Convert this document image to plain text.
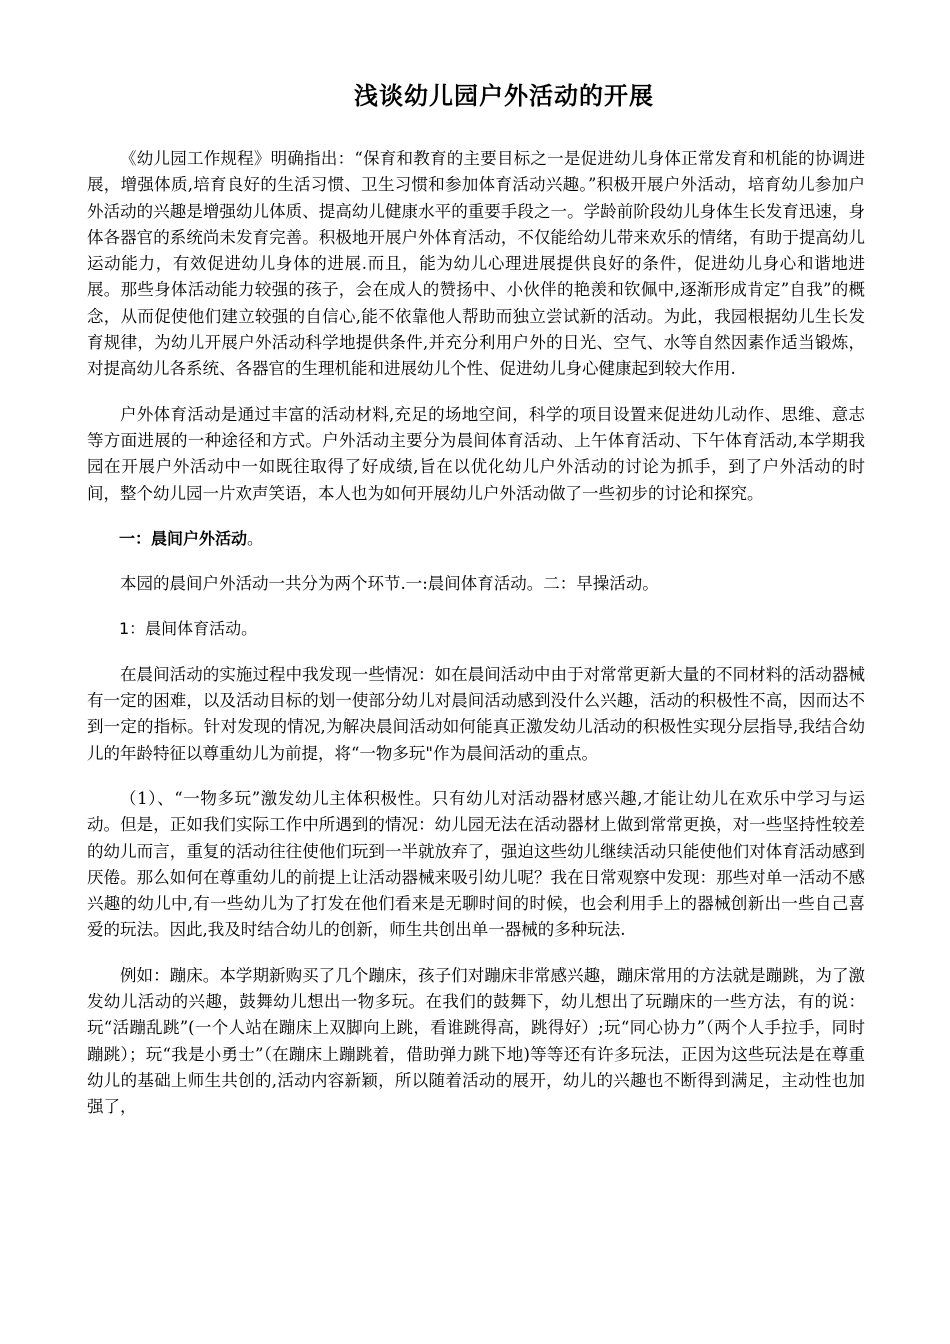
浅谈幼儿园户外活动的开展

《幼儿园工作规程》明确指出：“保育和教育的主要目标之一是促进幼儿身体正常发育和机能的协调进展，增强体质,培育良好的生活习惯、卫生习惯和参加体育活动兴趣。”积极开展户外活动，培育幼儿参加户外活动的兴趣是增强幼儿体质、提高幼儿健康水平的重要手段之一。学龄前阶段幼儿身体生长发育迅速，身体各器官的系统尚未发育完善。积极地开展户外体育活动，不仅能给幼儿带来欢乐的情绪，有助于提高幼儿运动能力，有效促进幼儿身体的进展.而且，能为幼儿心理进展提供良好的条件，促进幼儿身心和谐地进展。那些身体活动能力较强的孩子，会在成人的赞扬中、小伙伴的艳羡和钦佩中,逐渐形成肯定”自我”的概念，从而促使他们建立较强的自信心,能不依靠他人帮助而独立尝试新的活动。为此，我园根据幼儿生长发育规律，为幼儿开展户外活动科学地提供条件,并充分利用户外的日光、空气、水等自然因素作适当锻炼，对提高幼儿各系统、各器官的生理机能和进展幼儿个性、促进幼儿身心健康起到较大作用.

户外体育活动是通过丰富的活动材料,充足的场地空间，科学的项目设置来促进幼儿动作、思维、意志等方面进展的一种途径和方式。户外活动主要分为晨间体育活动、上午体育活动、下午体育活动,本学期我园在开展户外活动中一如既往取得了好成绩,旨在以优化幼儿户外活动的讨论为抓手，到了户外活动的时间，整个幼儿园一片欢声笑语，本人也为如何开展幼儿户外活动做了一些初步的讨论和探究。

一：晨间户外活动。

本园的晨间户外活动一共分为两个环节.一:晨间体育活动。二：早操活动。

1：晨间体育活动。

在晨间活动的实施过程中我发现一些情况：如在晨间活动中由于对常常更新大量的不同材料的活动器械有一定的困难，以及活动目标的划一使部分幼儿对晨间活动感到没什么兴趣，活动的积极性不高，因而达不到一定的指标。针对发现的情况,为解决晨间活动如何能真正激发幼儿活动的积极性实现分层指导,我结合幼儿的年龄特征以尊重幼儿为前提，将“一物多玩"作为晨间活动的重点。

（1）、“一物多玩”激发幼儿主体积极性。只有幼儿对活动器材感兴趣,才能让幼儿在欢乐中学习与运动。但是，正如我们实际工作中所遇到的情况：幼儿园无法在活动器材上做到常常更换，对一些坚持性较差的幼儿而言，重复的活动往往使他们玩到一半就放弃了，强迫这些幼儿继续活动只能使他们对体育活动感到厌倦。那么如何在尊重幼儿的前提上让活动器械来吸引幼儿呢？我在日常观察中发现：那些对单一活动不感兴趣的幼儿中,有一些幼儿为了打发在他们看来是无聊时间的时候，也会利用手上的器械创新出一些自己喜爱的玩法。因此,我及时结合幼儿的创新，师生共创出单一器械的多种玩法.

例如：蹦床。本学期新购买了几个蹦床，孩子们对蹦床非常感兴趣，蹦床常用的方法就是蹦跳，为了激发幼儿活动的兴趣，鼓舞幼儿想出一物多玩。在我们的鼓舞下，幼儿想出了玩蹦床的一些方法，有的说：玩“活蹦乱跳”(一个人站在蹦床上双脚向上跳，看谁跳得高，跳得好）;玩“同心协力”（两个人手拉手，同时蹦跳）；玩“我是小勇士”（在蹦床上蹦跳着，借助弹力跳下地)等等还有许多玩法，正因为这些玩法是在尊重幼儿的基础上师生共创的,活动内容新颖，所以随着活动的展开，幼儿的兴趣也不断得到满足，主动性也加强了，
